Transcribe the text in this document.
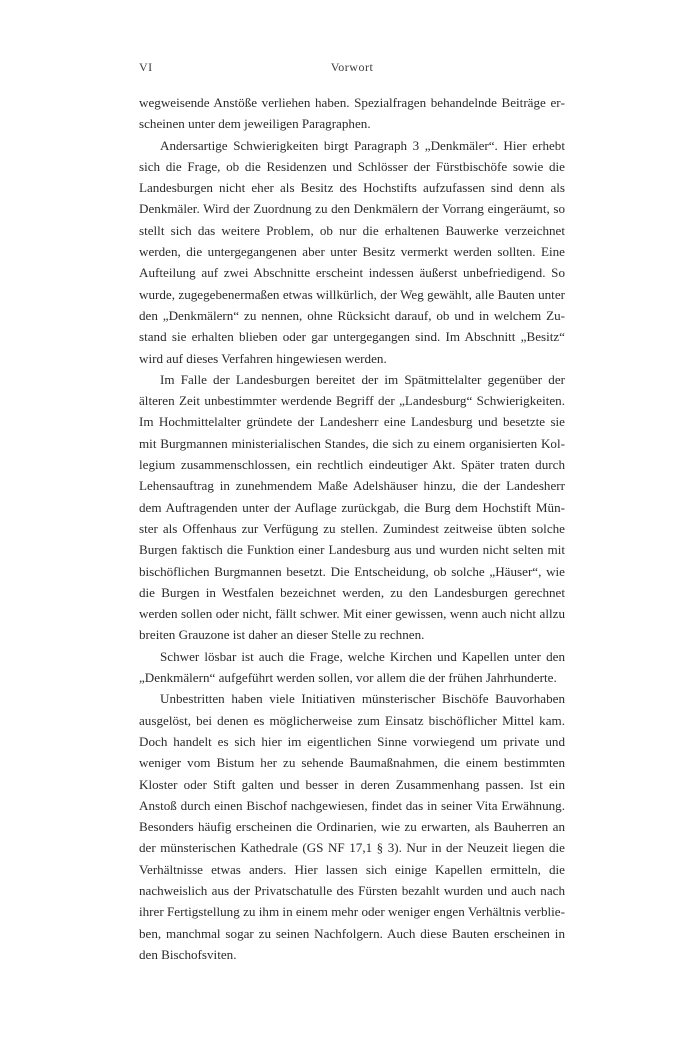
VI	Vorwort

wegweisende Anstöße verliehen haben. Spezialfragen behandelnde Beiträge erscheinen unter dem jeweiligen Paragraphen.

Andersartige Schwierigkeiten birgt Paragraph 3 „Denkmäler“. Hier erhebt sich die Frage, ob die Residenzen und Schlösser der Fürstbischöfe sowie die Landesburgen nicht eher als Besitz des Hochstifts aufzufassen sind denn als Denkmäler. Wird der Zuordnung zu den Denkmälern der Vorrang eingeräumt, so stellt sich das weitere Problem, ob nur die erhaltenen Bauwerke verzeichnet werden, die untergegangenen aber unter Besitz vermerkt werden sollten. Eine Aufteilung auf zwei Abschnitte erscheint indessen äußerst unbefriedigend. So wurde, zugegebenermaßen etwas willkürlich, der Weg gewählt, alle Bauten unter den „Denkmälern“ zu nennen, ohne Rücksicht darauf, ob und in welchem Zustand sie erhalten blieben oder gar untergegangen sind. Im Abschnitt „Besitz“ wird auf dieses Verfahren hingewiesen werden.

Im Falle der Landesburgen bereitet der im Spätmittelalter gegenüber der älteren Zeit unbestimmter werdende Begriff der „Landesburg“ Schwierigkeiten. Im Hochmittelalter gründete der Landesherr eine Landesburg und besetzte sie mit Burgmannen ministerialischen Standes, die sich zu einem organisierten Kollegium zusammenschlossen, ein rechtlich eindeutiger Akt. Später traten durch Lehensauftrag in zunehmendem Maße Adelshäuser hinzu, die der Landesherr dem Auftragenden unter der Auflage zurückgab, die Burg dem Hochstift Münster als Offenhaus zur Verfügung zu stellen. Zumindest zeitweise übten solche Burgen faktisch die Funktion einer Landesburg aus und wurden nicht selten mit bischöflichen Burgmannen besetzt. Die Entscheidung, ob solche „Häuser“, wie die Burgen in Westfalen bezeichnet werden, zu den Landesburgen gerechnet werden sollen oder nicht, fällt schwer. Mit einer gewissen, wenn auch nicht allzu breiten Grauzone ist daher an dieser Stelle zu rechnen.

Schwer lösbar ist auch die Frage, welche Kirchen und Kapellen unter den „Denkmälern“ aufgeführt werden sollen, vor allem die der frühen Jahrhunderte.

Unbestritten haben viele Initiativen münsterischer Bischöfe Bauvorhaben ausgelöst, bei denen es möglicherweise zum Einsatz bischöflicher Mittel kam. Doch handelt es sich hier im eigentlichen Sinne vorwiegend um private und weniger vom Bistum her zu sehende Baumaßnahmen, die einem bestimmten Kloster oder Stift galten und besser in deren Zusammenhang passen. Ist ein Anstoß durch einen Bischof nachgewiesen, findet das in seiner Vita Erwähnung. Besonders häufig erscheinen die Ordinarien, wie zu erwarten, als Bauherren an der münsterischen Kathedrale (GS NF 17,1 § 3). Nur in der Neuzeit liegen die Verhältnisse etwas anders. Hier lassen sich einige Kapellen ermitteln, die nachweislich aus der Privatschatulle des Fürsten bezahlt wurden und auch nach ihrer Fertigstellung zu ihm in einem mehr oder weniger engen Verhältnis verblieben, manchmal sogar zu seinen Nachfolgern. Auch diese Bauten erscheinen in den Bischofsviten.
